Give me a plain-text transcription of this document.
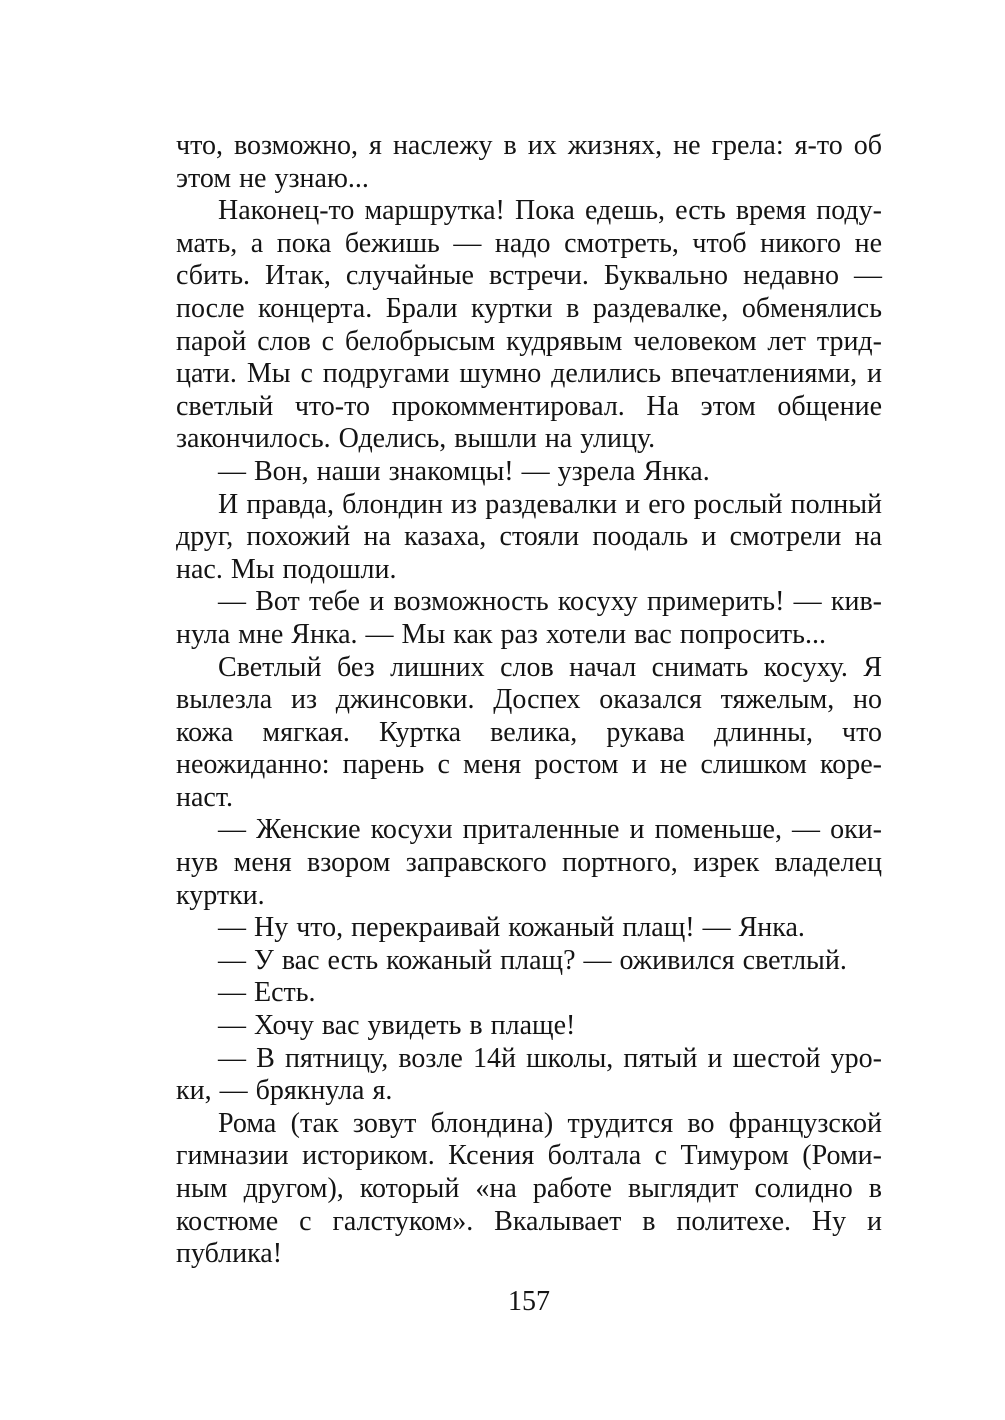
что, возможно, я наслежу в их жизнях, не грела: я-то об этом не узнаю...

Наконец-то маршрутка! Пока едешь, есть время подумать, а пока бежишь — надо смотреть, чтоб никого не сбить. Итак, случайные встречи. Буквально недавно — после концерта. Брали куртки в раздевалке, обменялись парой слов с белобрысым кудрявым человеком лет тридцати. Мы с подругами шумно делились впечатлениями, и светлый что-то прокомментировал. На этом общение закончилось. Оделись, вышли на улицу.

— Вон, наши знакомцы! — узрела Янка.

И правда, блондин из раздевалки и его рослый полный друг, похожий на казаха, стояли поодаль и смотрели на нас. Мы подошли.

— Вот тебе и возможность косуху примерить! — кивнула мне Янка. — Мы как раз хотели вас попросить...

Светлый без лишних слов начал снимать косуху. Я вылезла из джинсовки. Доспех оказался тяжелым, но кожа мягкая. Куртка велика, рукава длинны, что неожиданно: парень с меня ростом и не слишком коренаст.

— Женские косухи приталенные и поменьше, — окинув меня взором заправского портного, изрек владелец куртки.

— Ну что, перекраивай кожаный плащ! — Янка.

— У вас есть кожаный плащ? — оживился светлый.

— Есть.

— Хочу вас увидеть в плаще!

— В пятницу, возле 14й школы, пятый и шестой уроки, — брякнула я.

Рома (так зовут блондина) трудится во французской гимназии историком. Ксения болтала с Тимуром (Роминым другом), который «на работе выглядит солидно в костюме с галстуком». Вкалывает в политехе. Ну и публика!

157
